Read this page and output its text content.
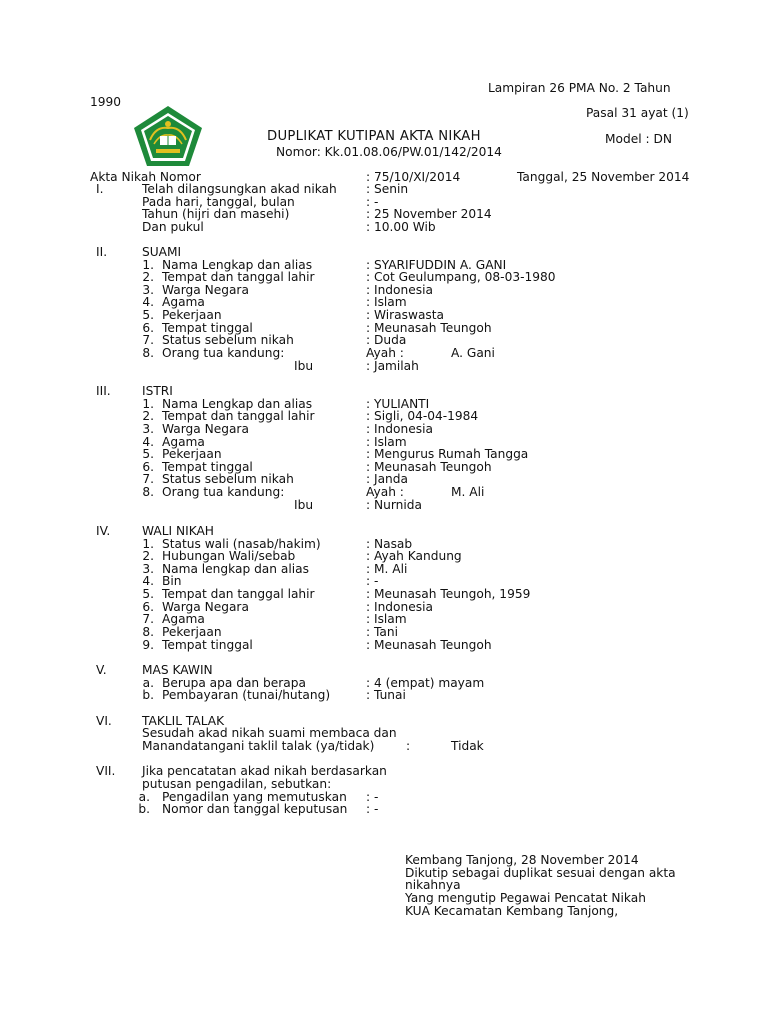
Lampiran 26 PMA No. 2 Tahun
1990
Pasal 31 ayat (1)
DUPLIKAT KUTIPAN AKTA NIKAH	Model : DN
Nomor: Kk.01.08.06/PW.01/142/2014
Akta Nikah Nomor	: 75/10/XI/2014	Tanggal, 25 November 2014
I.	Telah dilangsungkan akad nikah : Senin
Pada hari, tanggal, bulan	: -
Tahun (hijri dan masehi)	: 25 November 2014
Dan pukul	: 10.00 Wib
II.	SUAMI
1. Nama Lengkap dan alias	: SYARIFUDDIN A. GANI
2. Tempat dan tanggal lahir	: Cot Geulumpang, 08-03-1980
3. Warga Negara	: Indonesia
4. Agama	: Islam
5. Pekerjaan	: Wiraswasta
6. Tempat tinggal	: Meunasah Teungoh
7. Status sebelum nikah	: Duda
8. Orang tua kandung:	Ayah :	A. Gani
Ibu	: Jamilah
III.	ISTRI
1. Nama Lengkap dan alias	: YULIANTI
2. Tempat dan tanggal lahir	: Sigli, 04-04-1984
3. Warga Negara	: Indonesia
4. Agama	: Islam
5. Pekerjaan	: Mengurus Rumah Tangga
6. Tempat tinggal	: Meunasah Teungoh
7. Status sebelum nikah	: Janda
8. Orang tua kandung:	Ayah :	M. Ali
Ibu	: Nurnida
IV.	WALI NIKAH
1. Status wali (nasab/hakim)	: Nasab
2. Hubungan Wali/sebab	: Ayah Kandung
3. Nama lengkap dan alias	: M. Ali
4. Bin	: -
5. Tempat dan tanggal lahir	: Meunasah Teungoh, 1959
6. Warga Negara	: Indonesia
7. Agama	: Islam
8. Pekerjaan	: Tani
9. Tempat tinggal	: Meunasah Teungoh
V.	MAS KAWIN
a. Berupa apa dan berapa	: 4 (empat) mayam
b. Pembayaran (tunai/hutang)	: Tunai
VI. TAKLIL TALAK
Sesudah akad nikah suami membaca dan
Manandatangani taklil talak (ya/tidak)	:	Tidak
VII. Jika pencatatan akad nikah berdasarkan
putusan pengadilan, sebutkan:
a. Pengadilan yang memutuskan : -
b. Nomor dan tanggal keputusan : -
Kembang Tanjong, 28 November 2014
Dikutip sebagai duplikat sesuai dengan akta
nikahnya
Yang mengutip Pegawai Pencatat Nikah
KUA Kecamatan Kembang Tanjong,
